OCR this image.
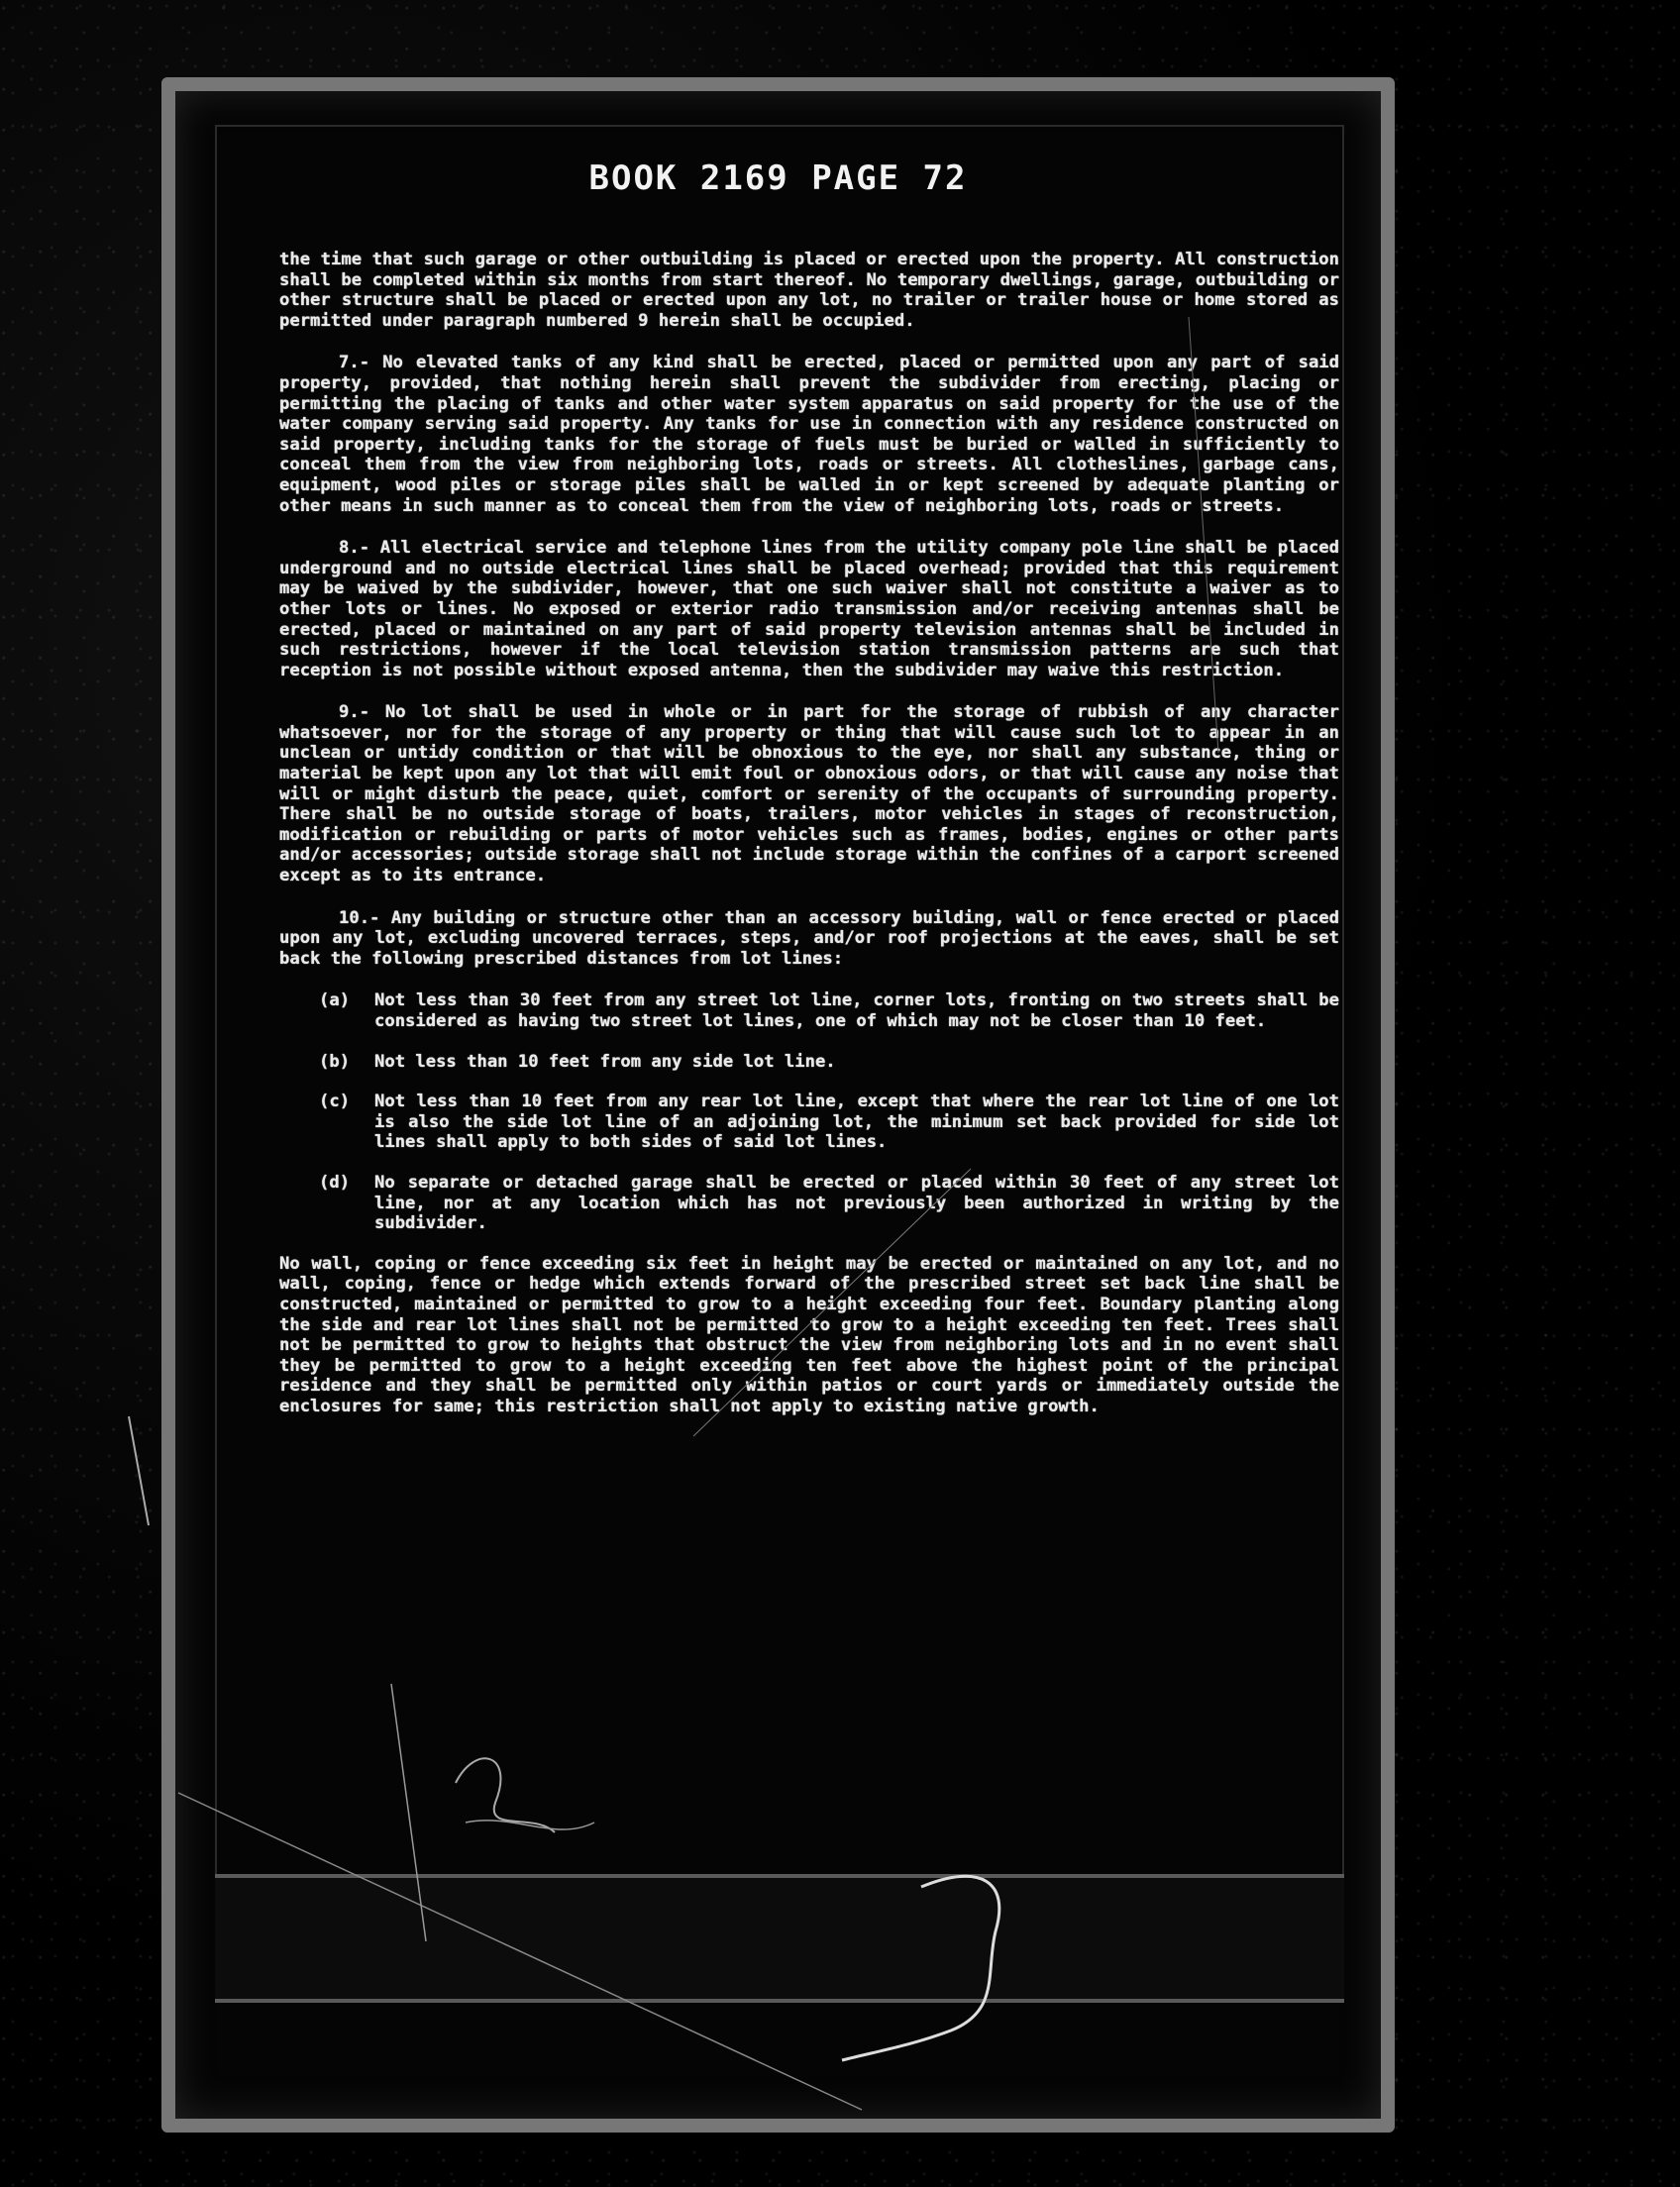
BOOK 2169 PAGE 72

the time that such garage or other outbuilding is placed or erected upon the property. All construction shall be completed within six months from start thereof. No temporary dwellings, garage, outbuilding or other structure shall be placed or erected upon any lot, no trailer or trailer house or home stored as permitted under paragraph numbered 9 herein shall be occupied.

7.- No elevated tanks of any kind shall be erected, placed or permitted upon any part of said property, provided, that nothing herein shall prevent the subdivider from erecting, placing or permitting the placing of tanks and other water system apparatus on said property for the use of the water company serving said property. Any tanks for use in connection with any residence constructed on said property, including tanks for the storage of fuels must be buried or walled in sufficiently to conceal them from the view from neighboring lots, roads or streets. All clotheslines, garbage cans, equipment, wood piles or storage piles shall be walled in or kept screened by adequate planting or other means in such manner as to conceal them from the view of neighboring lots, roads or streets.

8.- All electrical service and telephone lines from the utility company pole line shall be placed underground and no outside electrical lines shall be placed overhead; provided that this requirement may be waived by the subdivider, however, that one such waiver shall not constitute a waiver as to other lots or lines. No exposed or exterior radio transmission and/or receiving antennas shall be erected, placed or maintained on any part of said property television antennas shall be included in such restrictions, however if the local television station transmission patterns are such that reception is not possible without exposed antenna, then the subdivider may waive this restriction.

9.- No lot shall be used in whole or in part for the storage of rubbish of any character whatsoever, nor for the storage of any property or thing that will cause such lot to appear in an unclean or untidy condition or that will be obnoxious to the eye, nor shall any substance, thing or material be kept upon any lot that will emit foul or obnoxious odors, or that will cause any noise that will or might disturb the peace, quiet, comfort or serenity of the occupants of surrounding property. There shall be no outside storage of boats, trailers, motor vehicles in stages of reconstruction, modification or rebuilding or parts of motor vehicles such as frames, bodies, engines or other parts and/or accessories; outside storage shall not include storage within the confines of a carport screened except as to its entrance.

10.- Any building or structure other than an accessory building, wall or fence erected or placed upon any lot, excluding uncovered terraces, steps, and/or roof projections at the eaves, shall be set back the following prescribed distances from lot lines:

(a)	Not less than 30 feet from any street lot line, corner lots, fronting on two streets shall be considered as having two street lot lines, one of which may not be closer than 10 feet.
(b)	Not less than 10 feet from any side lot line.
(c)	Not less than 10 feet from any rear lot line, except that where the rear lot line of one lot is also the side lot line of an adjoining lot, the minimum set back provided for side lot lines shall apply to both sides of said lot lines.
(d)	No separate or detached garage shall be erected or placed within 30 feet of any street lot line, nor at any location which has not previously been authorized in writing by the subdivider.

No wall, coping or fence exceeding six feet in height may be erected or maintained on any lot, and no wall, coping, fence or hedge which extends forward of the prescribed street set back line shall be constructed, maintained or permitted to grow to a height exceeding four feet. Boundary planting along the side and rear lot lines shall not be permitted to grow to a height exceeding ten feet. Trees shall not be permitted to grow to heights that obstruct the view from neighboring lots and in no event shall they be permitted to grow to a height exceeding ten feet above the highest point of the principal residence and they shall be permitted only within patios or court yards or immediately outside the enclosures for same; this restriction shall not apply to existing native growth.
